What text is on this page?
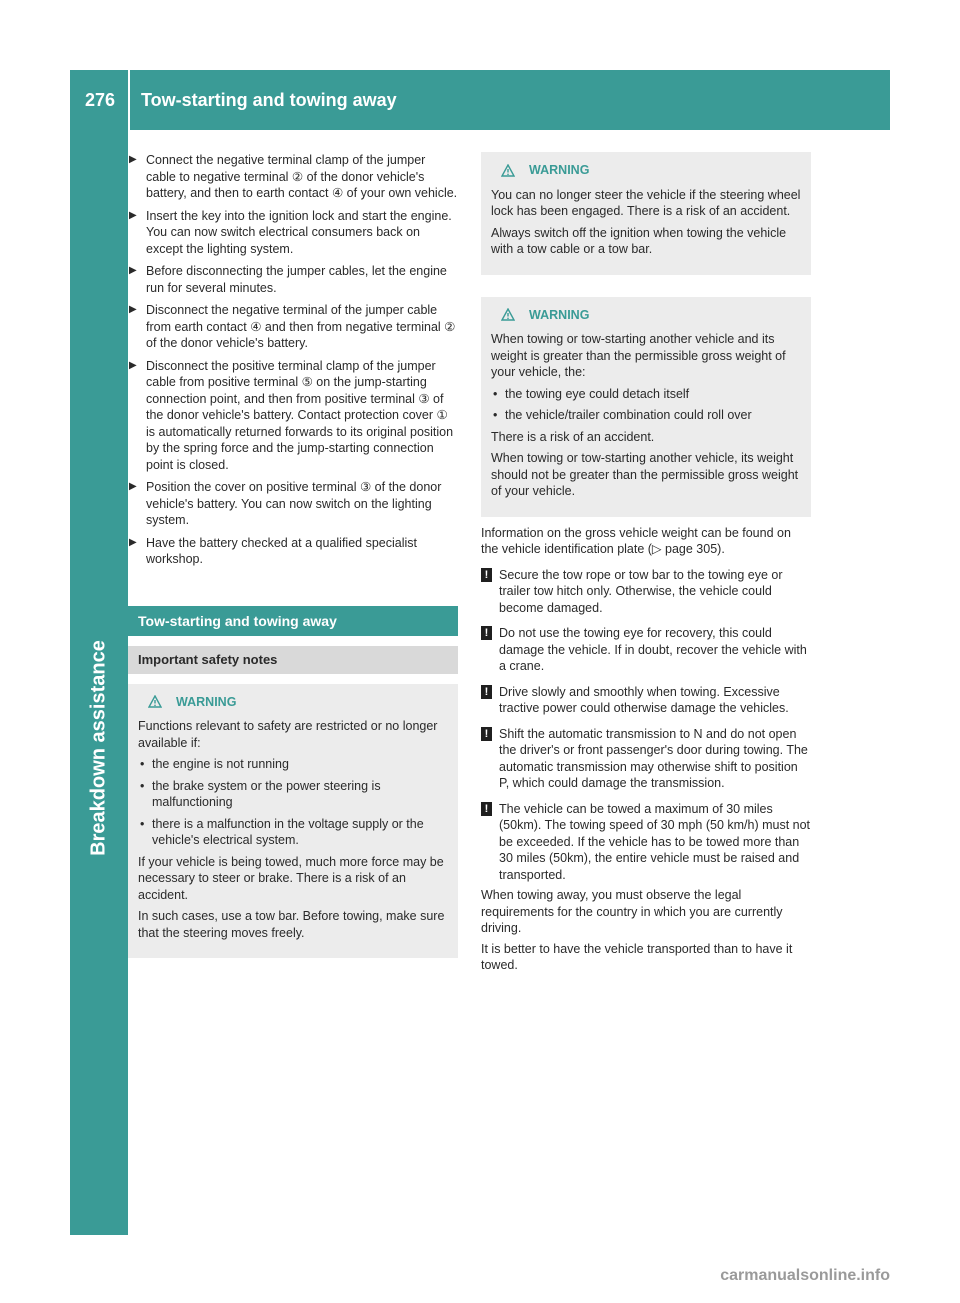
276	Tow-starting and towing away
Breakdown assistance
▶ Connect the negative terminal clamp of the jumper cable to negative terminal ② of the donor vehicle's battery, and then to earth contact ④ of your own vehicle.
▶ Insert the key into the ignition lock and start the engine. You can now switch electrical consumers back on except the lighting system.
▶ Before disconnecting the jumper cables, let the engine run for several minutes.
▶ Disconnect the negative terminal of the jumper cable from earth contact ④ and then from negative terminal ② of the donor vehicle's battery.
▶ Disconnect the positive terminal clamp of the jumper cable from positive terminal ⑤ on the jump-starting connection point, and then from positive terminal ③ of the donor vehicle's battery. Contact protection cover ① is automatically returned forwards to its original position by the spring force and the jump-starting connection point is closed.
▶ Position the cover on positive terminal ③ of the donor vehicle's battery. You can now switch on the lighting system.
▶ Have the battery checked at a qualified specialist workshop.
Tow-starting and towing away
Important safety notes
WARNING

Functions relevant to safety are restricted or no longer available if:

• the engine is not running
• the brake system or the power steering is malfunctioning
• there is a malfunction in the voltage supply or the vehicle's electrical system.

If your vehicle is being towed, much more force may be necessary to steer or brake. There is a risk of an accident.

In such cases, use a tow bar. Before towing, make sure that the steering moves freely.

WARNING

You can no longer steer the vehicle if the steering wheel lock has been engaged. There is a risk of an accident.

Always switch off the ignition when towing the vehicle with a tow cable or a tow bar.

WARNING

When towing or tow-starting another vehicle and its weight is greater than the permissible gross weight of your vehicle, the:

• the towing eye could detach itself
• the vehicle/trailer combination could roll over

There is a risk of an accident.

When towing or tow-starting another vehicle, its weight should not be greater than the permissible gross weight of your vehicle.

Information on the gross vehicle weight can be found on the vehicle identification plate (▷ page 305).
! Secure the tow rope or tow bar to the towing eye or trailer tow hitch only. Otherwise, the vehicle could become damaged.
! Do not use the towing eye for recovery, this could damage the vehicle. If in doubt, recover the vehicle with a crane.
! Drive slowly and smoothly when towing. Excessive tractive power could otherwise damage the vehicles.
! Shift the automatic transmission to N and do not open the driver's or front passenger's door during towing. The automatic transmission may otherwise shift to position P, which could damage the transmission.
! The vehicle can be towed a maximum of 30 miles (50km). The towing speed of 30 mph (50 km/h) must not be exceeded. If the vehicle has to be towed more than 30 miles (50km), the entire vehicle must be raised and transported.
When towing away, you must observe the legal requirements for the country in which you are currently driving.
It is better to have the vehicle transported than to have it towed.
carmanualsonline.info
